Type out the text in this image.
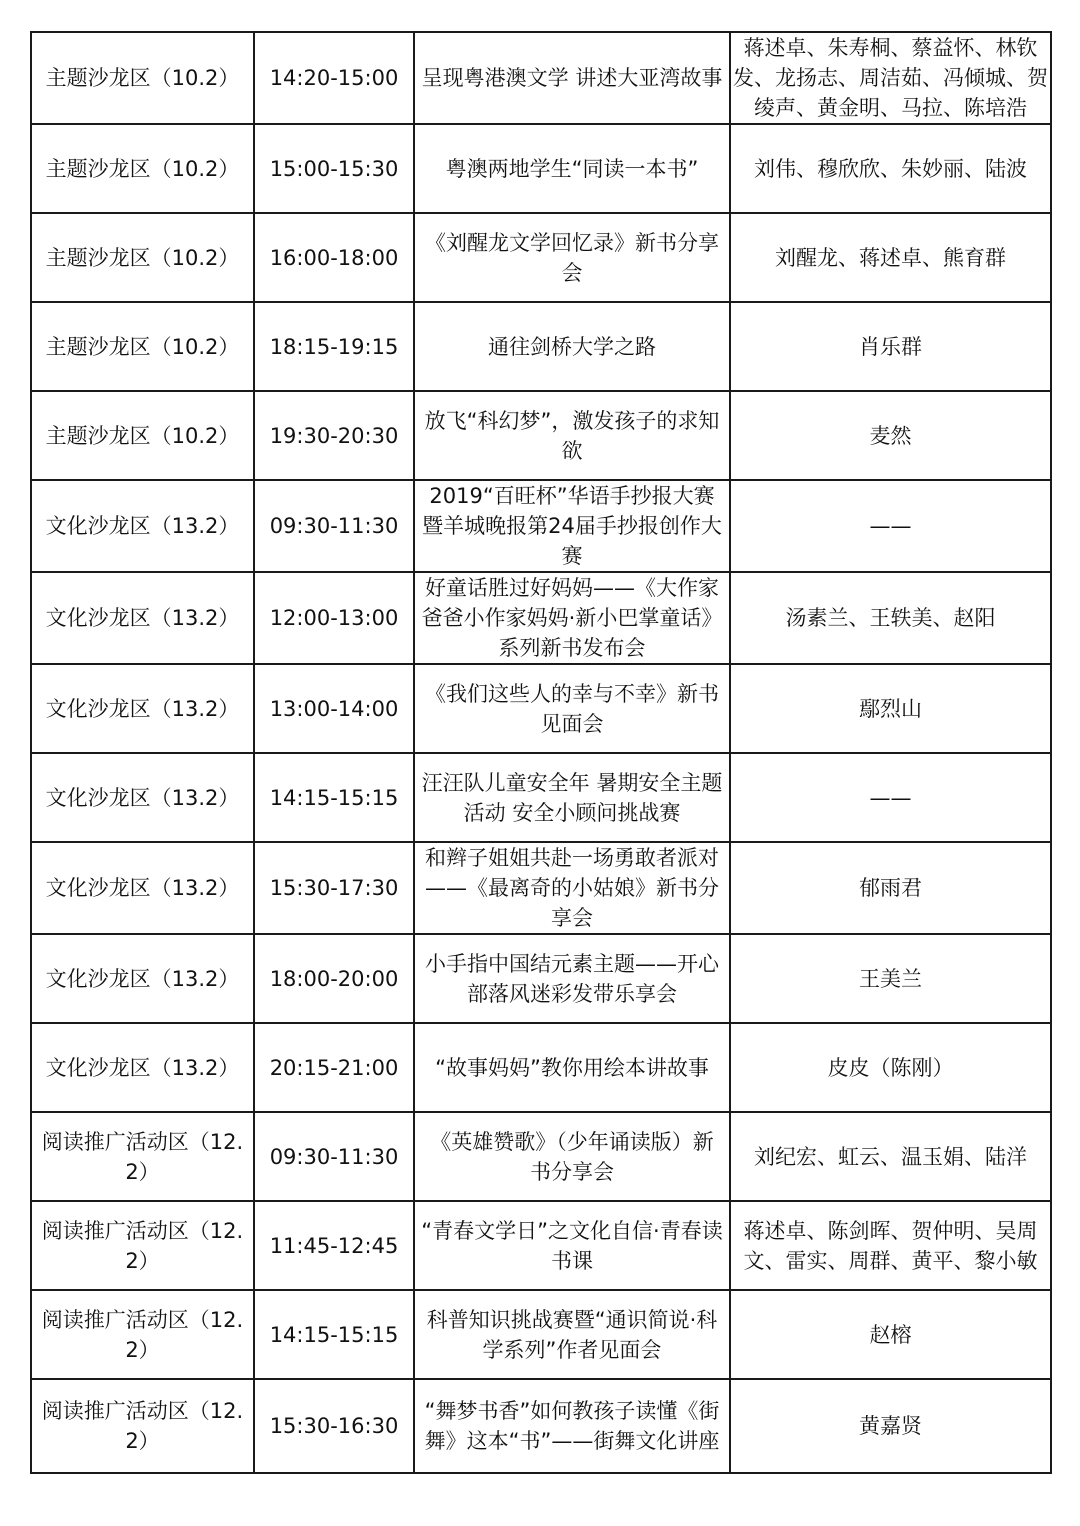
主题沙龙区（10.2）	14:20-15:00	呈现粤港澳文学 讲述大亚湾故事	蒋述卓、朱寿桐、蔡益怀、林钦发、龙扬志、周洁茹、冯倾城、贺绫声、黄金明、马拉、陈培浩
主题沙龙区（10.2）	15:00-15:30	粤澳两地学生“同读一本书”	刘伟、穆欣欣、朱妙丽、陆波
主题沙龙区（10.2）	16:00-18:00	《刘醒龙文学回忆录》新书分享会	刘醒龙、蒋述卓、熊育群
主题沙龙区（10.2）	18:15-19:15	通往剑桥大学之路	肖乐群
主题沙龙区（10.2）	19:30-20:30	放飞“科幻梦”，激发孩子的求知欲	麦然
文化沙龙区（13.2）	09:30-11:30	2019“百旺杯”华语手抄报大赛暨羊城晚报第24届手抄报创作大赛	——
文化沙龙区（13.2）	12:00-13:00	好童话胜过好妈妈——《大作家爸爸小作家妈妈·新小巴掌童话》系列新书发布会	汤素兰、王轶美、赵阳
文化沙龙区（13.2）	13:00-14:00	《我们这些人的幸与不幸》新书见面会	鄢烈山
文化沙龙区（13.2）	14:15-15:15	汪汪队儿童安全年 暑期安全主题活动 安全小顾问挑战赛	——
文化沙龙区（13.2）	15:30-17:30	和辫子姐姐共赴一场勇敢者派对——《最离奇的小姑娘》新书分享会	郁雨君
文化沙龙区（13.2）	18:00-20:00	小手指中国结元素主题——开心部落风迷彩发带乐享会	王美兰
文化沙龙区（13.2）	20:15-21:00	“故事妈妈”教你用绘本讲故事	皮皮（陈刚）
阅读推广活动区（12.2）	09:30-11:30	《英雄赞歌》（少年诵读版）新书分享会	刘纪宏、虹云、温玉娟、陆洋
阅读推广活动区（12.2）	11:45-12:45	“青春文学日”之文化自信·青春读书课	蒋述卓、陈剑晖、贺仲明、吴周文、雷实、周群、黄平、黎小敏
阅读推广活动区（12.2）	14:15-15:15	科普知识挑战赛暨“通识简说·科学系列”作者见面会	赵榕
阅读推广活动区（12.2）	15:30-16:30	“舞梦书香”如何教孩子读懂《街舞》这本“书”——街舞文化讲座	黄嘉贤
